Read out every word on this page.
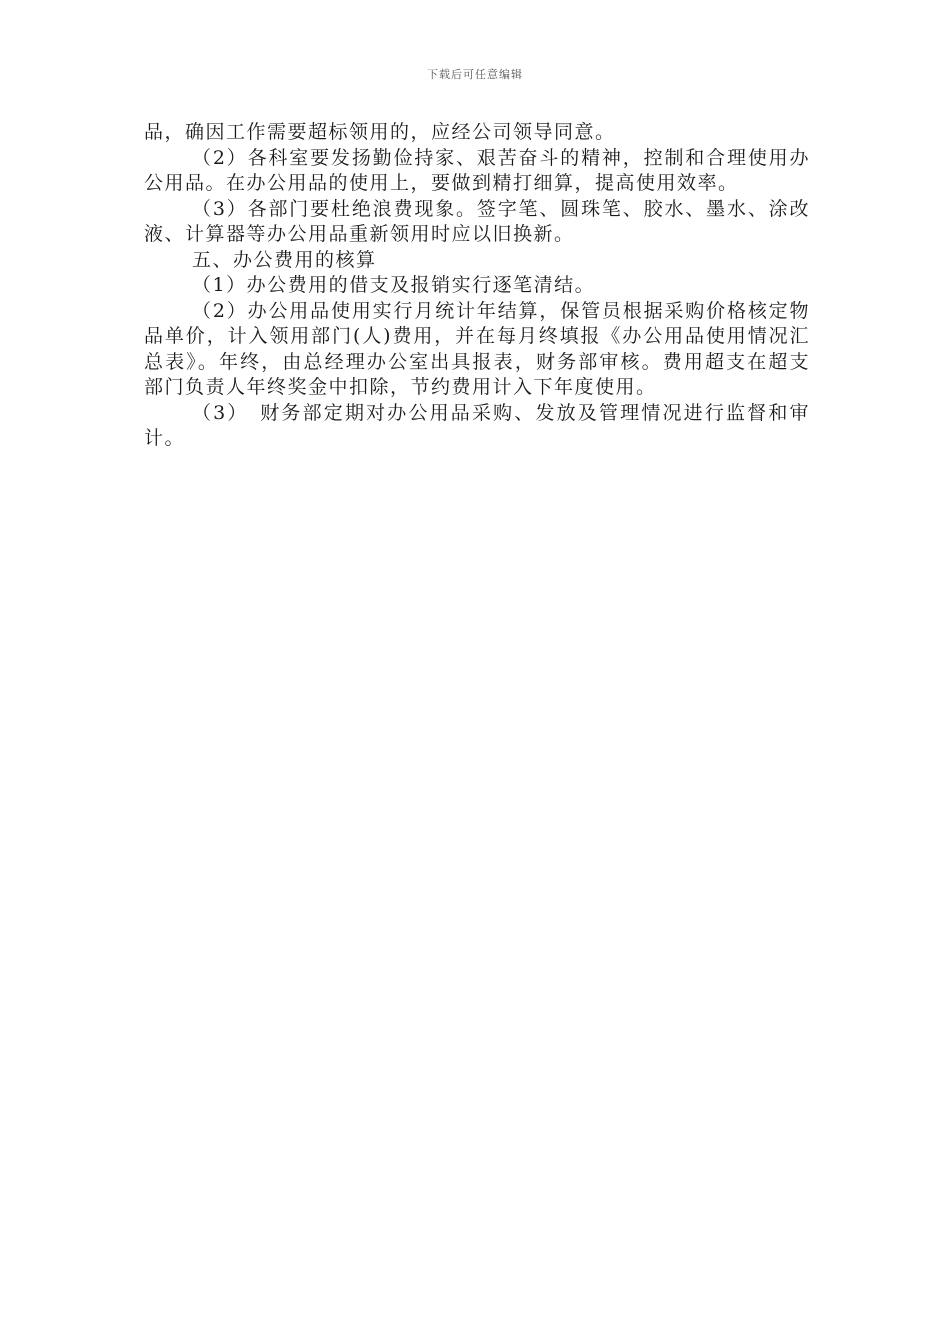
下载后可任意编辑

品，确因工作需要超标领用的，应经公司领导同意。

（2）各科室要发扬勤俭持家、艰苦奋斗的精神，控制和合理使用办公用品。在办公用品的使用上，要做到精打细算，提高使用效率。

（3）各部门要杜绝浪费现象。签字笔、圆珠笔、胶水、墨水、涂改液、计算器等办公用品重新领用时应以旧换新。

五、办公费用的核算

（1）办公费用的借支及报销实行逐笔清结。

（2）办公用品使用实行月统计年结算，保管员根据采购价格核定物品单价，计入领用部门(人)费用，并在每月终填报《办公用品使用情况汇总表》。年终，由总经理办公室出具报表，财务部审核。费用超支在超支部门负责人年终奖金中扣除，节约费用计入下年度使用。

（3）　财务部定期对办公用品采购、发放及管理情况进行监督和审计。
